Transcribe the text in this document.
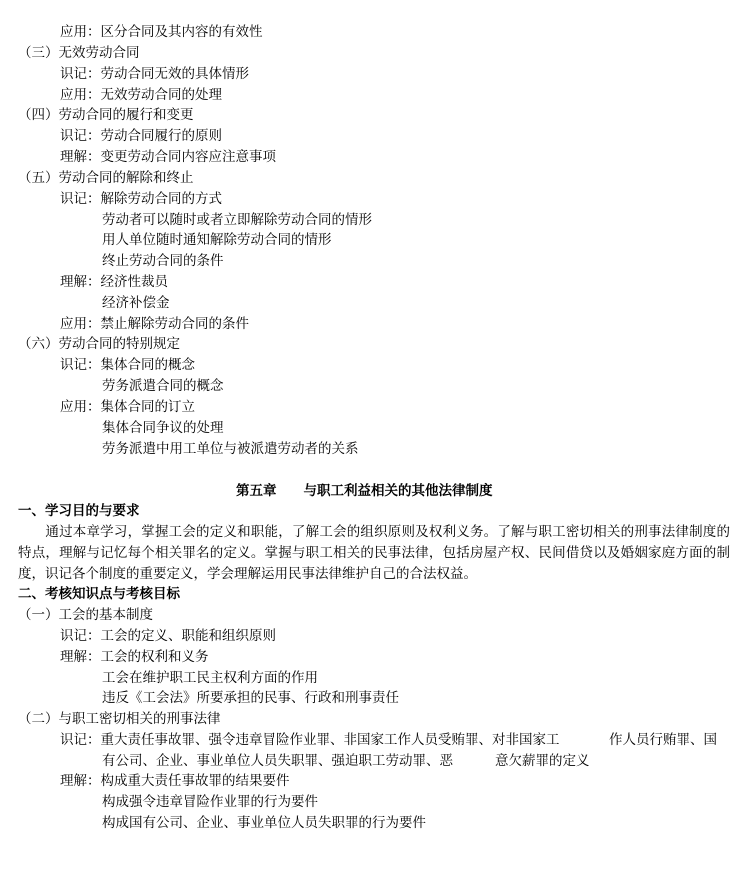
应用：区分合同及其内容的有效性
（三）无效劳动合同
识记：劳动合同无效的具体情形
应用：无效劳动合同的处理
（四）劳动合同的履行和变更
识记：劳动合同履行的原则
理解：变更劳动合同内容应注意事项
（五）劳动合同的解除和终止
识记：解除劳动合同的方式
劳动者可以随时或者立即解除劳动合同的情形
用人单位随时通知解除劳动合同的情形
终止劳动合同的条件
理解：经济性裁员
经济补偿金
应用：禁止解除劳动合同的条件
（六）劳动合同的特别规定
识记：集体合同的概念
劳务派遣合同的概念
应用：集体合同的订立
集体合同争议的处理
劳务派遣中用工单位与被派遣劳动者的关系
第五章　　与职工利益相关的其他法律制度
一、学习目的与要求
　　通过本章学习，掌握工会的定义和职能，了解工会的组织原则及权利义务。了解与职工密切相关的刑事法律制度的特点，理解与记忆每个相关罪名的定义。掌握与职工相关的民事法律，包括房屋产权、民间借贷以及婚姻家庭方面的制度，识记各个制度的重要定义，学会理解运用民事法律维护自己的合法权益。
二、考核知识点与考核目标
（一）工会的基本制度
识记：工会的定义、职能和组织原则
理解：工会的权利和义务
工会在维护职工民主权利方面的作用
违反《工会法》所要承担的民事、行政和刑事责任
（二）与职工密切相关的刑事法律
识记：重大责任事故罪、强令违章冒险作业罪、非国家工作人员受贿罪、对非国家工	作人员行贿罪、国
有公司、企业、事业单位人员失职罪、强迫职工劳动罪、恶	意欠薪罪的定义
理解：构成重大责任事故罪的结果要件
构成强令违章冒险作业罪的行为要件
构成国有公司、企业、事业单位人员失职罪的行为要件
